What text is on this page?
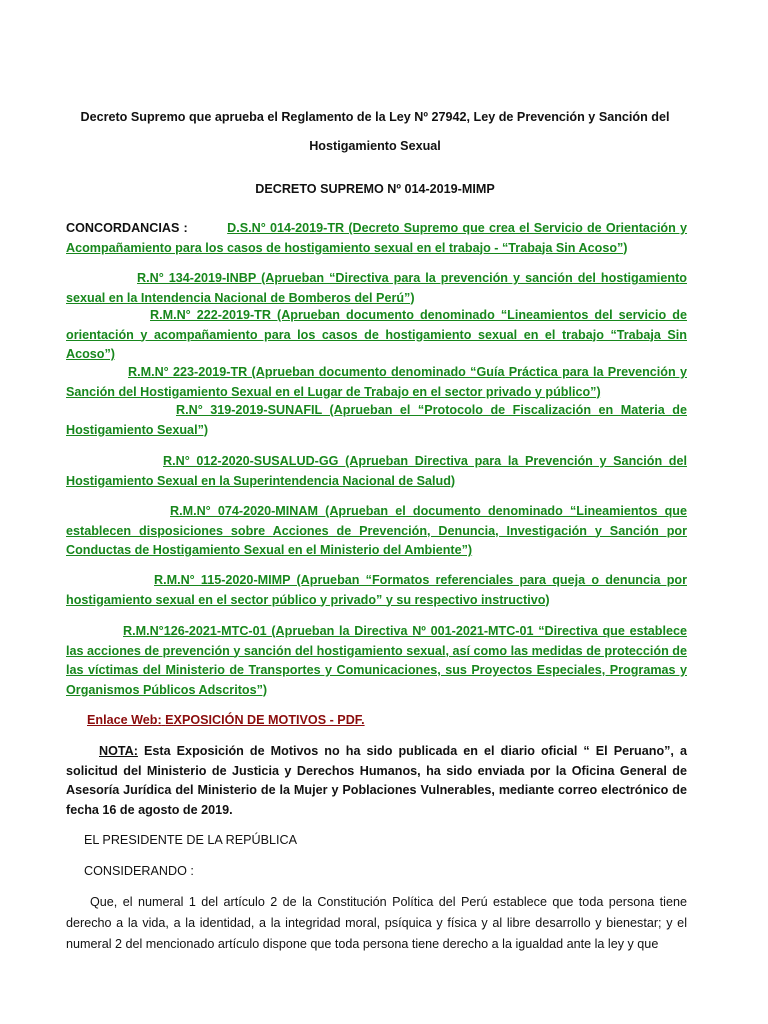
Decreto Supremo que aprueba el Reglamento de la Ley Nº 27942, Ley de Prevención y Sanción del
Hostigamiento Sexual
DECRETO SUPREMO Nº 014-2019-MIMP
CONCORDANCIAS :	D.S.N° 014-2019-TR (Decreto Supremo que crea el Servicio de Orientación y Acompañamiento para los casos de hostigamiento sexual en el trabajo - “Trabaja Sin Acoso”)
R.N° 134-2019-INBP (Aprueban “Directiva para la prevención y sanción del hostigamiento sexual en la Intendencia Nacional de Bomberos del Perú”)
R.M.N° 222-2019-TR (Aprueban documento denominado “Lineamientos del servicio de orientación y acompañamiento para los casos de hostigamiento sexual en el trabajo “Trabaja Sin Acoso”)
R.M.N° 223-2019-TR (Aprueban documento denominado “Guía Práctica para la Prevención y Sanción del Hostigamiento Sexual en el Lugar de Trabajo en el sector privado y público”)
R.N° 319-2019-SUNAFIL (Aprueban el “Protocolo de Fiscalización en Materia de Hostigamiento Sexual”)
R.N° 012-2020-SUSALUD-GG (Aprueban Directiva para la Prevención y Sanción del Hostigamiento Sexual en la Superintendencia Nacional de Salud)
R.M.N° 074-2020-MINAM (Aprueban el documento denominado “Lineamientos que establecen disposiciones sobre Acciones de Prevención, Denuncia, Investigación y Sanción por Conductas de Hostigamiento Sexual en el Ministerio del Ambiente”)
R.M.N° 115-2020-MIMP (Aprueban “Formatos referenciales para queja o denuncia por hostigamiento sexual en el sector público y privado” y su respectivo instructivo)
R.M.N°126-2021-MTC-01 (Aprueban la Directiva Nº 001-2021-MTC-01 “Directiva que establece las acciones de prevención y sanción del hostigamiento sexual, así como las medidas de protección de las víctimas del Ministerio de Transportes y Comunicaciones, sus Proyectos Especiales, Programas y Organismos Públicos Adscritos”)
Enlace Web: EXPOSICIÓN DE MOTIVOS - PDF.
NOTA: Esta Exposición de Motivos no ha sido publicada en el diario oficial “ El Peruano”, a solicitud del Ministerio de Justicia y Derechos Humanos, ha sido enviada por la Oficina General de Asesoría Jurídica del Ministerio de la Mujer y Poblaciones Vulnerables, mediante correo electrónico de fecha 16 de agosto de 2019.
EL PRESIDENTE DE LA REPÚBLICA
CONSIDERANDO :
Que, el numeral 1 del artículo 2 de la Constitución Política del Perú establece que toda persona tiene derecho a la vida, a la identidad, a la integridad moral, psíquica y física y al libre desarrollo y bienestar; y el numeral 2 del mencionado artículo dispone que toda persona tiene derecho a la igualdad ante la ley y que
